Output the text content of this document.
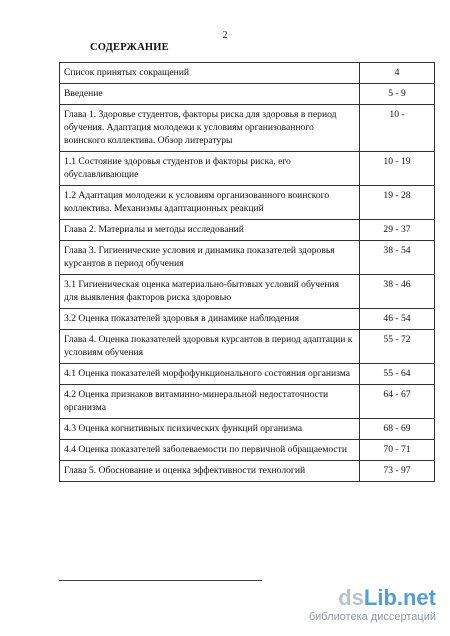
2
СОДЕРЖАНИЕ
Список принятых сокращений	4
Введение	5 - 9
Глава 1. Здоровье студентов, факторы риска для здоровья в период обучения. Адаптация молодежи к условиям организованного воинского коллектива. Обзор литературы	10 -
1.1 Состояние здоровья студентов и факторы риска, его обуславливающие	10 - 19
1.2 Адаптация молодежи к условиям организованного воинского коллектива. Механизмы адаптационных реакций	19 - 28
Глава 2. Материалы и методы исследований	29 - 37
Глава 3. Гигиенические условия и динамика показателей здоровья курсантов в период обучения	38 - 54
3.1 Гигиеническая оценка материально-бытовых условий обучения для выявления факторов риска здоровью	38 - 46
3.2 Оценка показателей здоровья в динамике наблюдения	46 - 54
Глава 4. Оценка показателей здоровья курсантов в период адаптации к условиям обучения	55 - 72
4.1 Оценка показателей морфофункционального состояния организма	55 - 64
4.2 Оценка признаков витаминно-минеральной недостаточности организма	64 - 67
4.3 Оценка когнитивных психических функций организма	68 - 69
4.4 Оценка показателей заболеваемости по первичной обращаемости	70 - 71
Глава 5. Обоснование и оценка эффективности технологий	73 - 97
dsLib.net
библиотека диссертаций
